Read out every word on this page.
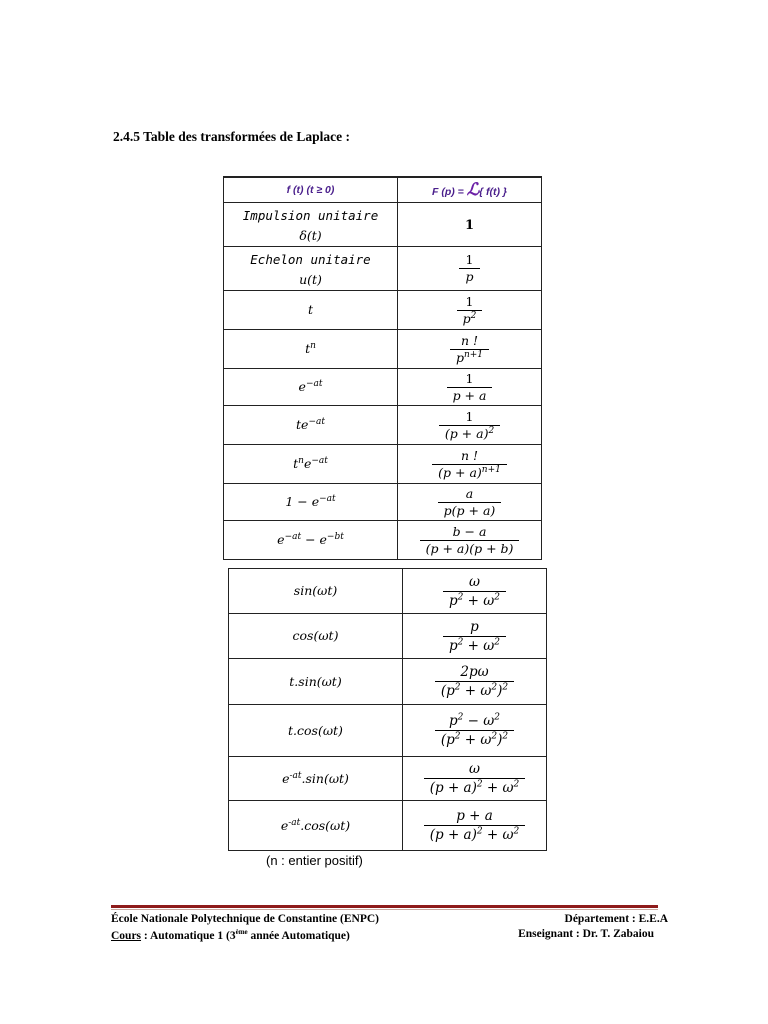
2.4.5 Table des transformées de Laplace :
f (t) (t ≥ 0)	F (p) = ℒ{ f(t) }

Impulsion unitaire
δ(t)	1

Echelon unitaire
u(t)	$\frac{1}{p}$

t	$\frac{1}{p^2}$

$t^n$	$\frac{n !}{p^{n+1}}$

$e^{-at}$	$\frac{1}{p + a}$

$te^{-at}$	$\frac{1}{(p + a)^2}$

$t^ne^{-at}$	$\frac{n !}{(p + a)^{n+1}}$

$1 - e^{-at}$	$\frac{a}{p(p + a)}$

$e^{-at} - e^{-bt}$	$\frac{b - a}{(p + a)(p + b)}$
sin(ωt)	$\frac{\omega}{p^2 + \omega^2}$

cos(ωt)	$\frac{p}{p^2 + \omega^2}$

t.sin(ωt)	$\frac{2p\omega}{(p^2 + \omega^2)^2}$

t.cos(ωt)	$\frac{p^2 - \omega^2}{(p^2 + \omega^2)^2}$

$e^{-at}.\sin(\omega t)$	$\frac{\omega}{(p + a)^2 + \omega^2}$

$e^{-at}.\cos(\omega t)$	$\frac{p + a}{(p + a)^2 + \omega^2}$
(n : entier positif)
École Nationale Polytechnique de Constantine (ENPC)
Cours : Automatique 1 (3ème année Automatique)
Département : E.E.A
Enseignant : Dr. T. Zabaiou
